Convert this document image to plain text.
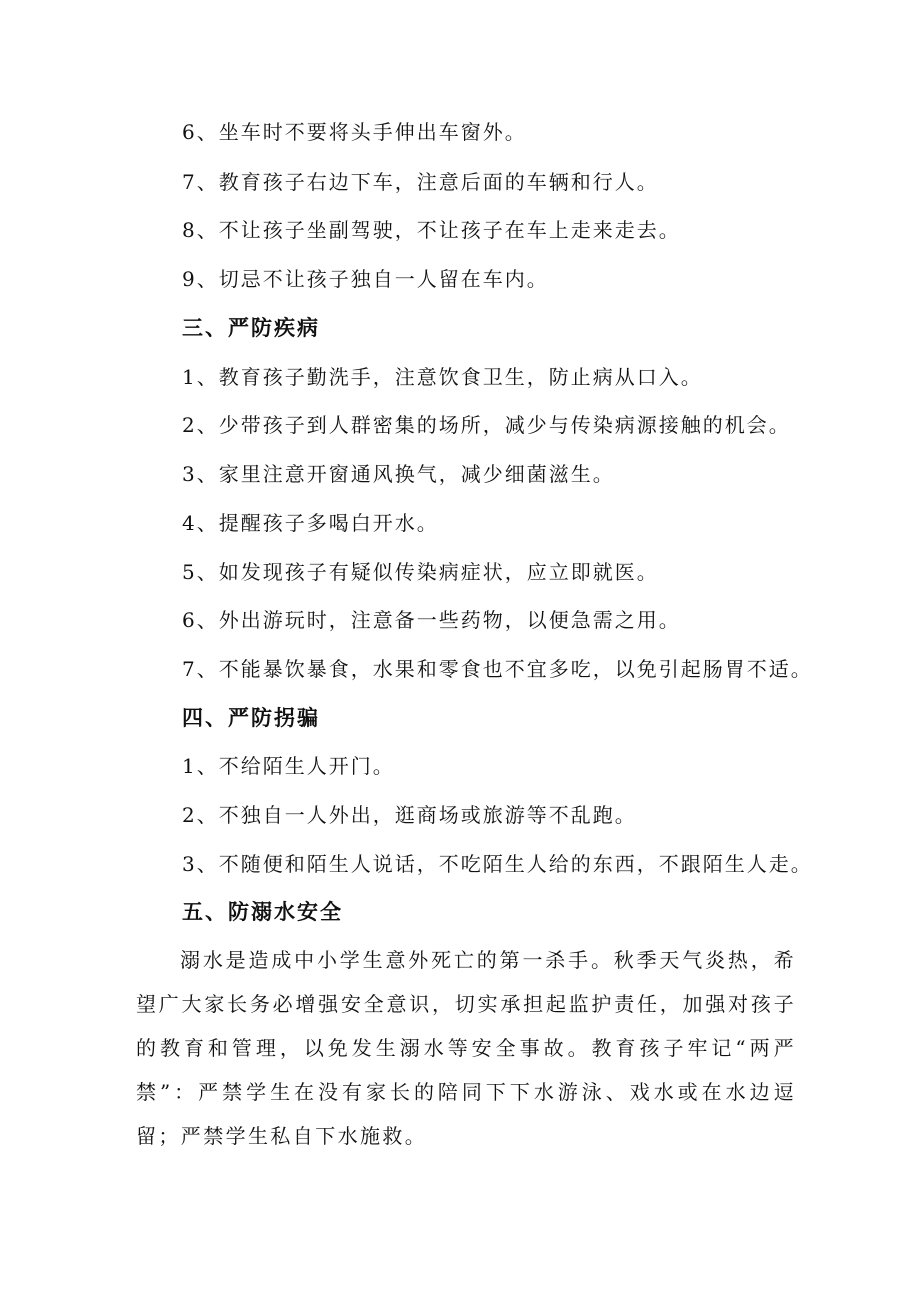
6、坐车时不要将头手伸出车窗外。
7、教育孩子右边下车，注意后面的车辆和行人。
8、不让孩子坐副驾驶，不让孩子在车上走来走去。
9、切忌不让孩子独自一人留在车内。
三、严防疾病
1、教育孩子勤洗手，注意饮食卫生，防止病从口入。
2、少带孩子到人群密集的场所，减少与传染病源接触的机会。
3、家里注意开窗通风换气，减少细菌滋生。
4、提醒孩子多喝白开水。
5、如发现孩子有疑似传染病症状，应立即就医。
6、外出游玩时，注意备一些药物，以便急需之用。
7、不能暴饮暴食，水果和零食也不宜多吃，以免引起肠胃不适。
四、严防拐骗
1、不给陌生人开门。
2、不独自一人外出，逛商场或旅游等不乱跑。
3、不随便和陌生人说话，不吃陌生人给的东西，不跟陌生人走。
五、防溺水安全
溺水是造成中小学生意外死亡的第一杀手。秋季天气炎热，希望广大家长务必增强安全意识，切实承担起监护责任，加强对孩子的教育和管理，以免发生溺水等安全事故。教育孩子牢记“两严禁”：严禁学生在没有家长的陪同下下水游泳、戏水或在水边逗留；严禁学生私自下水施救。
